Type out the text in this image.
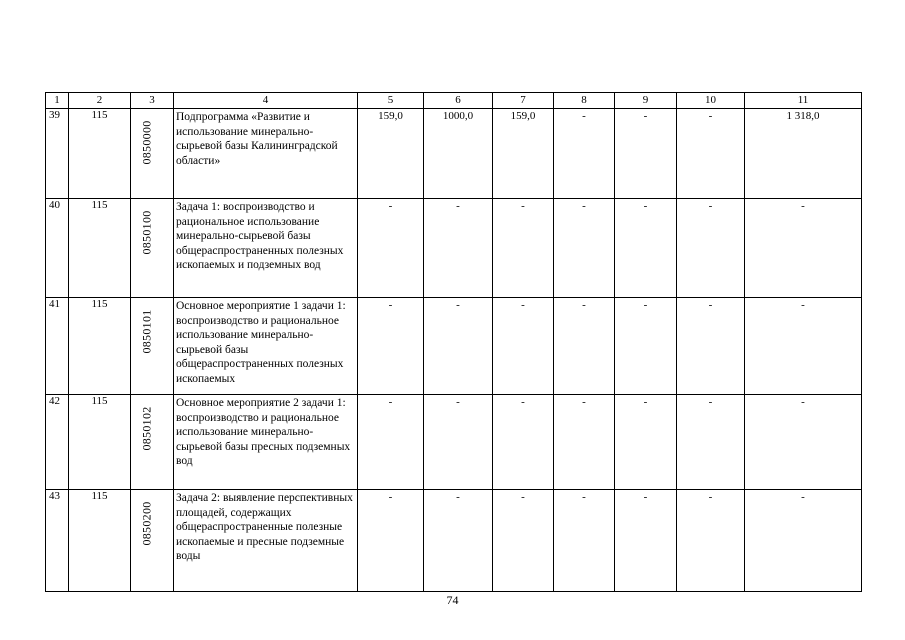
1	2	3	4	5	6	7	8	9	10	11
39	115	0850000	Подпрограмма «Развитие и использование минерально-сырьевой базы Калининградской области»	159,0	1000,0	159,0	-	-	-	1 318,0
40	115	0850100	Задача 1: воспроизводство и рациональное использование минерально-сырьевой базы общераспространенных полезных ископаемых и подземных вод	-	-	-	-	-	-	-
41	115	0850101	Основное мероприятие 1 задачи 1: воспроизводство и рациональное использование минерально-сырьевой базы общераспространенных полезных ископаемых	-	-	-	-	-	-	-
42	115	0850102	Основное мероприятие 2 задачи 1: воспроизводство и рациональное использование минерально-сырьевой базы пресных подземных вод	-	-	-	-	-	-	-
43	115	0850200	Задача 2: выявление перспективных площадей, содержащих общераспространенные полезные ископаемые и пресные подземные воды	-	-	-	-	-	-	-
74
